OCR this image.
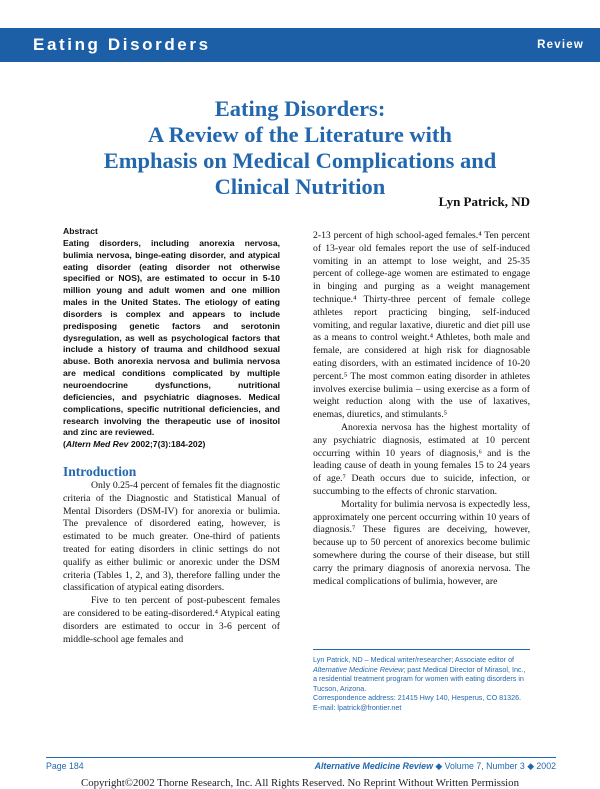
Eating Disorders	Review
Eating Disorders:
A Review of the Literature with
Emphasis on Medical Complications and
Clinical Nutrition
Lyn Patrick, ND
Abstract
Eating disorders, including anorexia nervosa, bulimia nervosa, binge-eating disorder, and atypical eating disorder (eating disorder not otherwise specified or NOS), are estimated to occur in 5-10 million young and adult women and one million males in the United States. The etiology of eating disorders is complex and appears to include predisposing genetic factors and serotonin dysregulation, as well as psychological factors that include a history of trauma and childhood sexual abuse. Both anorexia nervosa and bulimia nervosa are medical conditions complicated by multiple neuroendocrine dysfunctions, nutritional deficiencies, and psychiatric diagnoses. Medical complications, specific nutritional deficiencies, and research involving the therapeutic use of inositol and zinc are reviewed.
(Altern Med Rev 2002;7(3):184-202)
Introduction

Only 0.25-4 percent of females fit the diagnostic criteria of the Diagnostic and Statistical Manual of Mental Disorders (DSM-IV) for anorexia or bulimia. The prevalence of disordered eating, however, is estimated to be much greater. One-third of patients treated for eating disorders in clinic settings do not qualify as either bulimic or anorexic under the DSM criteria (Tables 1, 2, and 3), therefore falling under the classification of atypical eating disorders.

Five to ten percent of post-pubescent females are considered to be eating-disordered.⁴ Atypical eating disorders are estimated to occur in 3-6 percent of middle-school age females and

2-13 percent of high school-aged females.⁴ Ten percent of 13-year old females report the use of self-induced vomiting in an attempt to lose weight, and 25-35 percent of college-age women are estimated to engage in binging and purging as a weight management technique.⁴ Thirty-three percent of female college athletes report practicing binging, self-induced vomiting, and regular laxative, diuretic and diet pill use as a means to control weight.⁴ Athletes, both male and female, are considered at high risk for diagnosable eating disorders, with an estimated incidence of 10-20 percent.⁵ The most common eating disorder in athletes involves exercise bulimia – using exercise as a form of weight reduction along with the use of laxatives, enemas, diuretics, and stimulants.⁵

Anorexia nervosa has the highest mortality of any psychiatric diagnosis, estimated at 10 percent occurring within 10 years of diagnosis,⁶ and is the leading cause of death in young females 15 to 24 years of age.⁷ Death occurs due to suicide, infection, or succumbing to the effects of chronic starvation.

Mortality for bulimia nervosa is expectedly less, approximately one percent occurring within 10 years of diagnosis.⁷ These figures are deceiving, however, because up to 50 percent of anorexics become bulimic somewhere during the course of their disease, but still carry the primary diagnosis of anorexia nervosa. The medical complications of bulimia, however, are

Lyn Patrick, ND – Medical writer/researcher; Associate editor of Alternative Medicine Review; past Medical Director of Mirasol, Inc., a residential treatment program for women with eating disorders in Tucson, Arizona.
Correspondence address: 21415 Hwy 140, Hesperus, CO 81326. E-mail: lpatrick@frontier.net
Page 184	Alternative Medicine Review ◆ Volume 7, Number 3 ◆ 2002
Copyright©2002 Thorne Research, Inc. All Rights Reserved. No Reprint Without Written Permission
